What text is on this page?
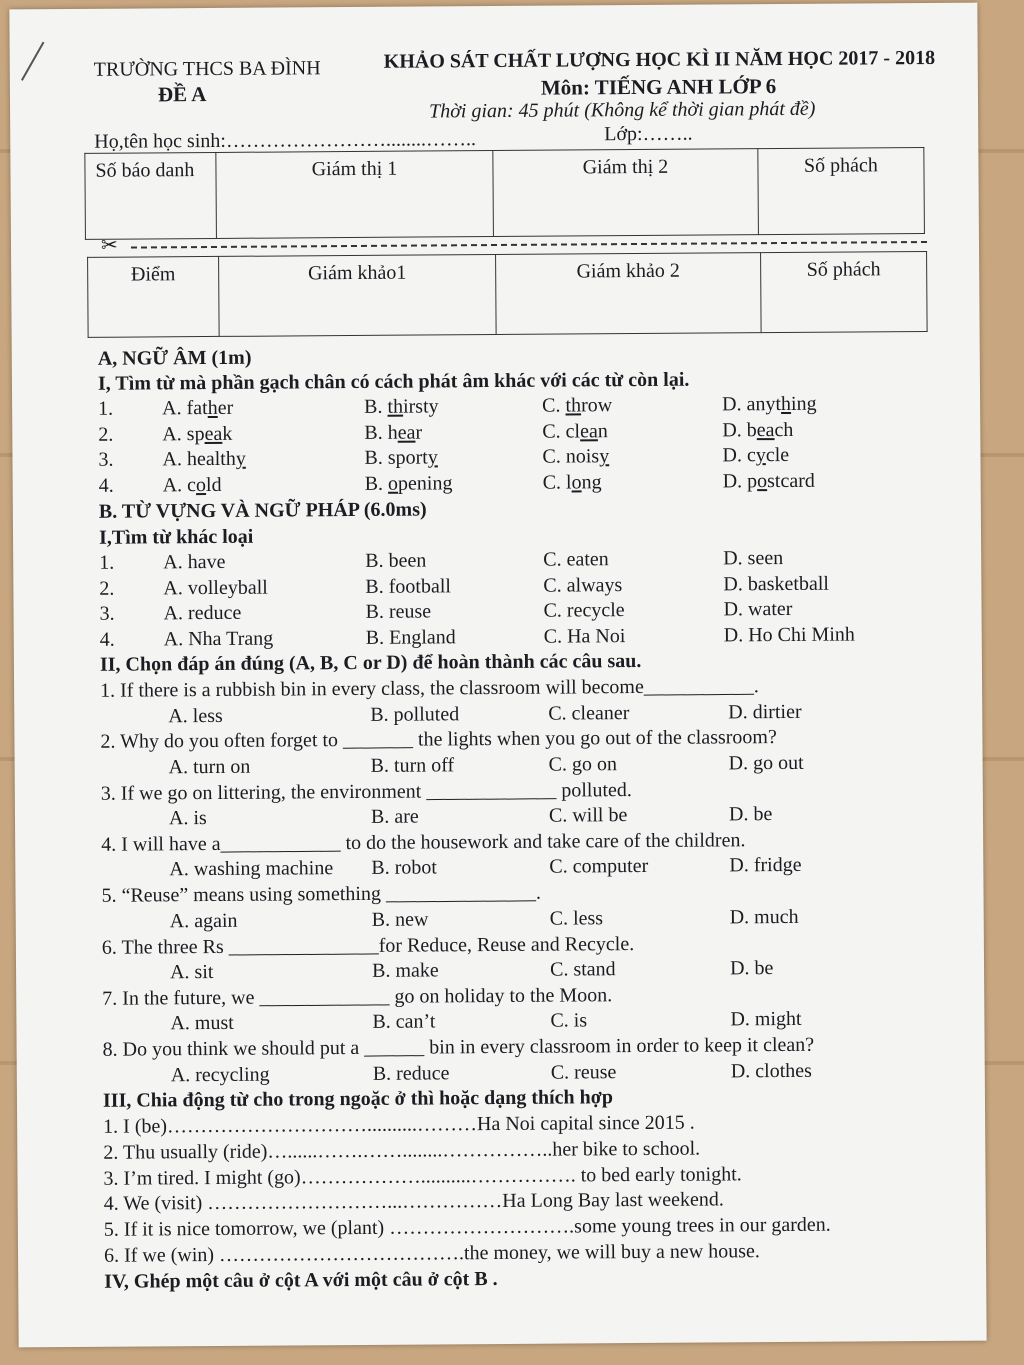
TRƯỜNG THCS BA ĐÌNH
ĐỀ A
KHẢO SÁT CHẤT LƯỢNG HỌC KÌ II NĂM HỌC 2017 - 2018
Môn: TIẾNG ANH LỚP 6
Thời gian: 45 phút (Không kể thời gian phát đề)
Họ,tên học sinh:……………………........……..	Lớp:……..
Số báo danh	Giám thị 1	Giám thị 2	Số phách
✂
Điểm	Giám khảo1	Giám khảo 2	Số phách
A, NGỮ ÂM (1m)
I, Tìm từ mà phần gạch chân có cách phát âm khác với các từ còn lại.
B. TỪ VỰNG VÀ NGỮ PHÁP (6.0ms)
I,Tìm từ khác loại
II, Chọn đáp án đúng (A, B, C or D) để hoàn thành các câu sau.
III, Chia động từ cho trong ngoặc ở thì hoặc dạng thích hợp
IV, Ghép một câu ở cột A với một câu ở cột B .
1. A. father	B. thirsty	C. throw	D. anything
2. A. speak	B. hear	C. clean	D. beach
3. A. healthy	B. sporty	C. noisy	D. cycle
4. A. cold	B. opening	C. long	D. postcard
1. A. have	B. been	C. eaten	D. seen
2. A. volleyball	B. football	C. always	D. basketball
3. A. reduce	B. reuse	C. recycle	D. water
4. A. Nha Trang	B. England	C. Ha Noi	D. Ho Chi Minh
1. If there is a rubbish bin in every class, the classroom will become___________.
A. less	B. polluted	C. cleaner	D. dirtier
2. Why do you often forget to _______ the lights when you go out of the classroom?
A. turn on	B. turn off	C. go on	D. go out
3. If we go on littering, the environment _____________ polluted.
A. is	B. are	C. will be	D. be
4. I will have a____________ to do the housework and take care of the children.
A. washing machine B. robot	C. computer	D. fridge
5. “Reuse” means using something _______________.
A. again	B. new	C. less	D. much
6. The three Rs _______________for Reduce, Reuse and Recycle.
A. sit	B. make	C. stand	D. be
7. In the future, we _____________ go on holiday to the Moon.
A. must	B. can’t	C. is	D. might
8. Do you think we should put a ______ bin in every classroom in order to keep it clean?
A. recycling	B. reduce	C. reuse	D. clothes
1. I (be)…………………………..........………Ha Noi capital since 2015 .
2. Thu usually (ride)…......…….……........……………..her bike to school.
3. I’m tired. I might (go)………………..........……………. to bed early tonight.
4. We (visit) ………………………...……………Ha Long Bay last weekend.
5. If it is nice tomorrow, we (plant) ……………………….some young trees in our garden.
6. If we (win) ……………………………….the money, we will buy a new house.
